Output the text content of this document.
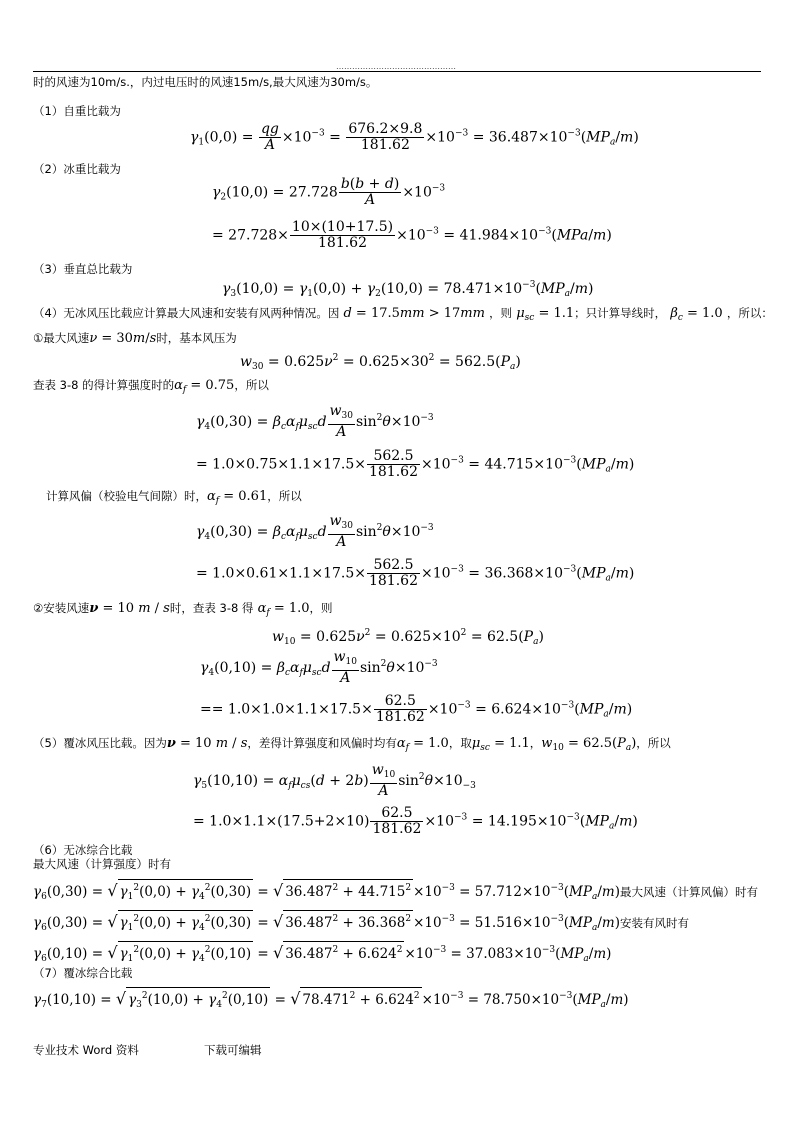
………………………………………
时的风速为10m/s.，内过电压时的风速15m/s,最大风速为30m/s。
（1）自重比载为
$\gamma_1(0,0) = \frac{qg}{A} \times 10^{-3} = \frac{676.2\times 9.8}{181.62} \times 10^{-3} = 36.487\times 10^{-3}(MP_a/m)$
（2）冰重比载为
$\gamma_2(10,0) = 27.728 \frac{b(b + d)}{A} \times 10^{-3}$
= $27.728\times \frac{10\times(10+17.5)}{181.62} \times 10^{-3} = 41.984\times 10^{-3}(MPa/m)$
（3）垂直总比载为
$\gamma_3(10,0) = \gamma_1(0,0) + \gamma_2(10,0) = 78.471\times 10^{-3}(MP_a/m)$
（4）无冰风压比载应计算最大风速和安装有风两种情况。因 d = 17.5mm > 17mm ，则 $\mu_{sc} = 1.1$；只计算导线时， $\beta_c = 1.0$ ，所以：
①最大风速ν = 30m/s时，基本风压为
$w_{30} = 0.625\nu^2 = 0.625\times 30^2 = 562.5(P_a)$
查表 3-8 的得计算强度时的$\alpha_f = 0.75$，所以
$\gamma_4(0,30) = \beta_c\alpha_f\mu_{sc}d \frac{w_{30}}{A} \sin^2\theta\times 10^{-3}$
= $1.0\times 0.75\times 1.1\times 17.5\times \frac{562.5}{181.62} \times 10^{-3} = 44.715\times 10^{-3}(MP_a/m)$
计算风偏（校验电气间隙）时，$\alpha_f = 0.61$，所以
$\gamma_4(0,30) = \beta_c\alpha_f\mu_{sc}d \frac{w_{30}}{A} \sin^2\theta\times 10^{-3}$
= $1.0\times 0.61\times 1.1\times 17.5\times \frac{562.5}{181.62} \times 10^{-3} = 36.368\times 10^{-3}(MP_a/m)$
②安装风速ν = 10 m / s时，查表 3-8 得 $\alpha_f = 1.0$，则
$w_{10} = 0.625\nu^2 = 0.625\times 10^2 = 62.5(P_a)$
$\gamma_4(0,10) = \beta_c\alpha_f\mu_{sc}d \frac{w_{10}}{A} \sin^2\theta\times 10^{-3}$
== $1.0\times 1.0\times 1.1\times 17.5\times \frac{62.5}{181.62} \times 10^{-3} = 6.624\times 10^{-3}(MP_a/m)$
（5）覆冰风压比载。因为ν = 10 m / s，差得计算强度和风偏时均有$\alpha_f = 1.0$，取$\mu_{sc} = 1.1$，$w_{10} = 62.5(P_a)$，所以
$\gamma_5(10,10) = \alpha_f\mu_{cs}(d + 2b) \frac{w_{10}}{A} \sin^2\theta\times 10_{-3}$
= $1.0\times 1.1\times(17.5+2\times 10) \frac{62.5}{181.62} \times 10^{-3} = 14.195\times 10^{-3}(MP_a/m)$
（6）无冰综合比载
最大风速（计算强度）时有
$\gamma_6(0,30)$ = √ $\gamma_1^2(0,0) + \gamma_4^2(0,30)$ = √ $36.487^2 + 44.715^2 \times 10^{-3} = 57.712\times 10^{-3}(MP_a/m)$最大风速（计算风偏）时有
$\gamma_6(0,30)$ = √ $\gamma_1^2(0,0) + \gamma_4^2(0,30)$ = √ $36.487^2 + 36.368^2 \times 10^{-3} = 51.516\times 10^{-3}(MP_a/m)$安装有风时有
$\gamma_6(0,10)$ = √ $\gamma_1^2(0,0) + \gamma_4^2(0,10)$ = √ $36.487^2 + 6.624^2 \times 10^{-3} = 37.083\times 10^{-3}(MP_a/m)$
（7）覆冰综合比载
$\gamma_7(10,10)$ = √ $\gamma_3^2(10,0) + \gamma_4^2(0,10)$ = √ $78.471^2 + 6.624^2 \times 10^{-3} = 78.750\times 10^{-3}(MP_a/m)$
专业技术 Word 资料	下载可编辑
